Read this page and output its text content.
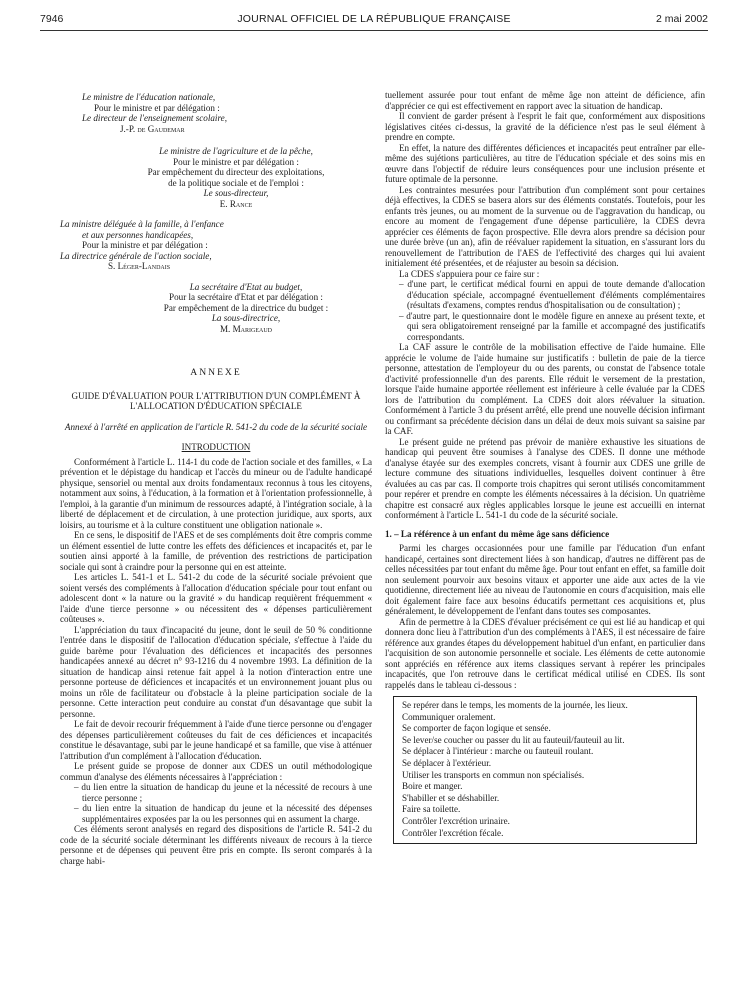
7946	JOURNAL OFFICIEL DE LA RÉPUBLIQUE FRANÇAISE	2 mai 2002
Le ministre de l'éducation nationale,
Pour le ministre et par délégation :
Le directeur de l'enseignement scolaire,
J.-P. de Gaudemar
Le ministre de l'agriculture et de la pêche,
Pour le ministre et par délégation :
Par empêchement du directeur des exploitations,
de la politique sociale et de l'emploi :
Le sous-directeur,
E. Rance
La ministre déléguée à la famille, à l'enfance
et aux personnes handicapées,
Pour la ministre et par délégation :
La directrice générale de l'action sociale,
S. Léger-Landais
La secrétaire d'Etat au budget,
Pour la secrétaire d'Etat et par délégation :
Par empêchement de la directrice du budget :
La sous-directrice,
M. Marigeaud
ANNEXE
GUIDE D'ÉVALUATION POUR L'ATTRIBUTION D'UN COMPLÉMENT À L'ALLOCATION D'ÉDUCATION SPÉCIALE
Annexé à l'arrêté en application de l'article R. 541-2 du code de la sécurité sociale
INTRODUCTION

Conformément à l'article L. 114-1 du code de l'action sociale et des familles, « La prévention et le dépistage du handicap et l'accès du mineur ou de l'adulte handicapé physique, sensoriel ou mental aux droits fondamentaux reconnus à tous les citoyens, notamment aux soins, à l'éducation, à la formation et à l'orientation professionnelle, à l'emploi, à la garantie d'un minimum de ressources adapté, à l'intégration sociale, à la liberté de déplacement et de circulation, à une protection juridique, aux sports, aux loisirs, au tourisme et à la culture constituent une obligation nationale ».

En ce sens, le dispositif de l'AES et de ses compléments doit être compris comme un élément essentiel de lutte contre les effets des déficiences et incapacités et, par le soutien ainsi apporté à la famille, de prévention des restrictions de participation sociale qui sont à craindre pour la personne qui en est atteinte.

Les articles L. 541-1 et L. 541-2 du code de la sécurité sociale prévoient que soient versés des compléments à l'allocation d'éducation spéciale pour tout enfant ou adolescent dont « la nature ou la gravité » du handicap requièrent fréquemment « l'aide d'une tierce personne » ou nécessitent des « dépenses particulièrement coûteuses ».

L'appréciation du taux d'incapacité du jeune, dont le seuil de 50 % conditionne l'entrée dans le dispositif de l'allocation d'éducation spéciale, s'effectue à l'aide du guide barème pour l'évaluation des déficiences et incapacités des personnes handicapées annexé au décret n° 93-1216 du 4 novembre 1993. La définition de la situation de handicap ainsi retenue fait appel à la notion d'interaction entre une personne porteuse de déficiences et incapacités et un environnement jouant plus ou moins un rôle de facilitateur ou d'obstacle à la pleine participation sociale de la personne. Cette interaction peut conduire au constat d'un désavantage que subit la personne.

Le fait de devoir recourir fréquemment à l'aide d'une tierce personne ou d'engager des dépenses particulièrement coûteuses du fait de ces déficiences et incapacités constitue le désavantage, subi par le jeune handicapé et sa famille, que vise à atténuer l'attribution d'un complément à l'allocation d'éducation.

Le présent guide se propose de donner aux CDES un outil méthodologique commun d'analyse des éléments nécessaires à l'appréciation :

– du lien entre la situation de handicap du jeune et la nécessité de recours à une tierce personne ;
– du lien entre la situation de handicap du jeune et la nécessité des dépenses supplémentaires exposées par la ou les personnes qui en assument la charge.

Ces éléments seront analysés en regard des dispositions de l'article R. 541-2 du code de la sécurité sociale déterminant les différents niveaux de recours à la tierce personne et de dépenses qui peuvent être pris en compte. Ils seront comparés à la charge habi-

tuellement assurée pour tout enfant de même âge non atteint de déficience, afin d'apprécier ce qui est effectivement en rapport avec la situation de handicap.

Il convient de garder présent à l'esprit le fait que, conformément aux dispositions législatives citées ci-dessus, la gravité de la déficience n'est pas le seul élément à prendre en compte.

En effet, la nature des différentes déficiences et incapacités peut entraîner par elle-même des sujétions particulières, au titre de l'éducation spéciale et des soins mis en œuvre dans l'objectif de réduire leurs conséquences pour une inclusion présente et future optimale de la personne.

Les contraintes mesurées pour l'attribution d'un complément sont pour certaines déjà effectives, la CDES se basera alors sur des éléments constatés. Toutefois, pour les enfants très jeunes, ou au moment de la survenue ou de l'aggravation du handicap, ou encore au moment de l'engagement d'une dépense particulière, la CDES devra apprécier ces éléments de façon prospective. Elle devra alors prendre sa décision pour une durée brève (un an), afin de réévaluer rapidement la situation, en s'assurant lors du renouvellement de l'attribution de l'AES de l'effectivité des charges qui lui avaient initialement été présentées, et de réajuster au besoin sa décision.

La CDES s'appuiera pour ce faire sur :

– d'une part, le certificat médical fourni en appui de toute demande d'allocation d'éducation spéciale, accompagné éventuellement d'éléments complémentaires (résultats d'examens, comptes rendus d'hospitalisation ou de consultation) ;
– d'autre part, le questionnaire dont le modèle figure en annexe au présent texte, et qui sera obligatoirement renseigné par la famille et accompagné des justificatifs correspondants.

La CAF assure le contrôle de la mobilisation effective de l'aide humaine. Elle apprécie le volume de l'aide humaine sur justificatifs : bulletin de paie de la tierce personne, attestation de l'employeur du ou des parents, ou constat de l'absence totale d'activité professionnelle d'un des parents. Elle réduit le versement de la prestation, lorsque l'aide humaine apportée réellement est inférieure à celle évaluée par la CDES lors de l'attribution du complément. La CDES doit alors réévaluer la situation. Conformément à l'article 3 du présent arrêté, elle prend une nouvelle décision infirmant ou confirmant sa précédente décision dans un délai de deux mois suivant sa saisine par la CAF.

Le présent guide ne prétend pas prévoir de manière exhaustive les situations de handicap qui peuvent être soumises à l'analyse des CDES. Il donne une méthode d'analyse étayée sur des exemples concrets, visant à fournir aux CDES une grille de lecture commune des situations individuelles, lesquelles doivent continuer à être évaluées au cas par cas. Il comporte trois chapitres qui seront utilisés concomitamment pour repérer et prendre en compte les éléments nécessaires à la décision. Un quatrième chapitre est consacré aux règles applicables lorsque le jeune est accueilli en internat conformément à l'article L. 541-1 du code de la sécurité sociale.

1. – La référence à un enfant du même âge sans déficience

Parmi les charges occasionnées pour une famille par l'éducation d'un enfant handicapé, certaines sont directement liées à son handicap, d'autres ne diffèrent pas de celles nécessitées par tout enfant du même âge. Pour tout enfant en effet, sa famille doit non seulement pourvoir aux besoins vitaux et apporter une aide aux actes de la vie quotidienne, directement liée au niveau de l'autonomie en cours d'acquisition, mais elle doit également faire face aux besoins éducatifs permettant ces acquisitions et, plus généralement, le développement de l'enfant dans toutes ses composantes.

Afin de permettre à la CDES d'évaluer précisément ce qui est lié au handicap et qui donnera donc lieu à l'attribution d'un des compléments à l'AES, il est nécessaire de faire référence aux grandes étapes du développement habituel d'un enfant, en particulier dans l'acquisition de son autonomie personnelle et sociale. Les éléments de cette autonomie sont appréciés en référence aux items classiques servant à repérer les principales incapacités, que l'on retrouve dans le certificat médical utilisé en CDES. Ils sont rappelés dans le tableau ci-dessous :

Se repérer dans le temps, les moments de la journée, les lieux.
Communiquer oralement.
Se comporter de façon logique et sensée.
Se lever/se coucher ou passer du lit au fauteuil/fauteuil au lit.
Se déplacer à l'intérieur : marche ou fauteuil roulant.
Se déplacer à l'extérieur.
Utiliser les transports en commun non spécialisés.
Boire et manger.
S'habiller et se déshabiller.
Faire sa toilette.
Contrôler l'excrétion urinaire.
Contrôler l'excrétion fécale.
